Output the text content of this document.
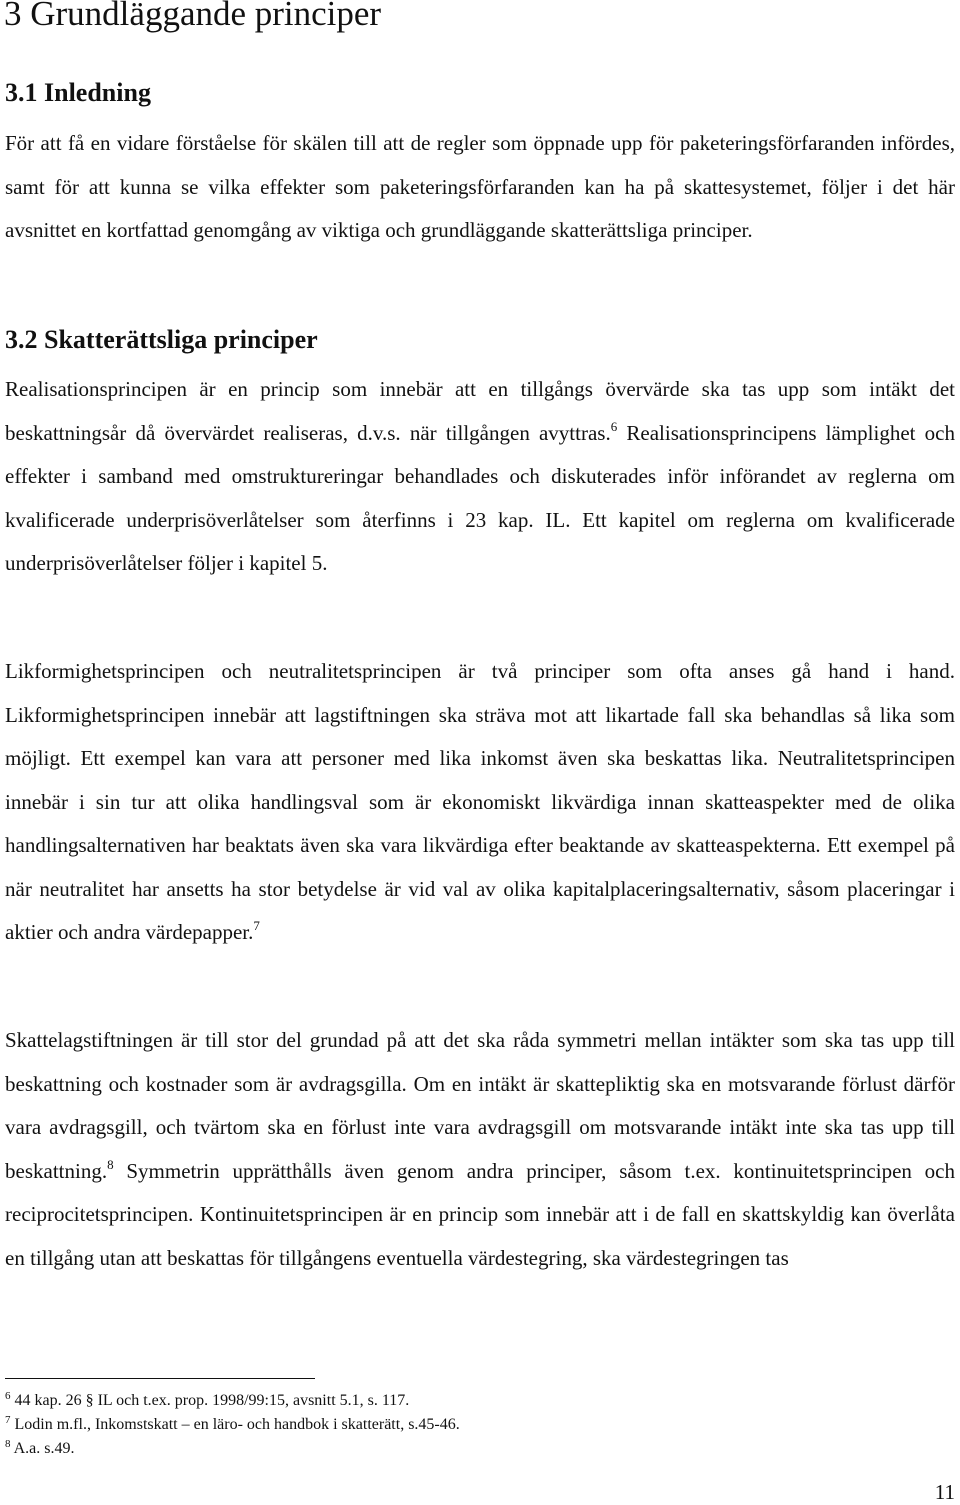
3 Grundläggande principer
3.1 Inledning

För att få en vidare förståelse för skälen till att de regler som öppnade upp för paketeringsförfaranden infördes, samt för att kunna se vilka effekter som paketeringsförfaranden kan ha på skattesystemet, följer i det här avsnittet en kortfattad genomgång av viktiga och grundläggande skatterättsliga principer.

3.2 Skatterättsliga principer

Realisationsprincipen är en princip som innebär att en tillgångs övervärde ska tas upp som intäkt det beskattningsår då övervärdet realiseras, d.v.s. när tillgången avyttras.$^6$ Realisationsprincipens lämplighet och effekter i samband med omstruktureringar behandlades och diskuterades inför införandet av reglerna om kvalificerade underprisöverlåtelser som återfinns i 23 kap. IL. Ett kapitel om reglerna om kvalificerade underprisöverlåtelser följer i kapitel 5.

Likformighetsprincipen och neutralitetsprincipen är två principer som ofta anses gå hand i hand. Likformighetsprincipen innebär att lagstiftningen ska sträva mot att likartade fall ska behandlas så lika som möjligt. Ett exempel kan vara att personer med lika inkomst även ska beskattas lika. Neutralitetsprincipen innebär i sin tur att olika handlingsval som är ekonomiskt likvärdiga innan skatteaspekter med de olika handlingsalternativen har beaktats även ska vara likvärdiga efter beaktande av skatteaspekterna. Ett exempel på när neutralitet har ansetts ha stor betydelse är vid val av olika kapitalplaceringsalternativ, såsom placeringar i aktier och andra värdepapper.$^7$

Skattelagstiftningen är till stor del grundad på att det ska råda symmetri mellan intäkter som ska tas upp till beskattning och kostnader som är avdragsgilla. Om en intäkt är skattepliktig ska en motsvarande förlust därför vara avdragsgill, och tvärtom ska en förlust inte vara avdragsgill om motsvarande intäkt inte ska tas upp till beskattning.$^8$ Symmetrin upprätthålls även genom andra principer, såsom t.ex. kontinuitetsprincipen och reciprocitetsprincipen. Kontinuitetsprincipen är en princip som innebär att i de fall en skattskyldig kan överlåta en tillgång utan att beskattas för tillgångens eventuella värdestegring, ska värdestegringen tas

$^6$ 44 kap. 26 § IL och t.ex. prop. 1998/99:15, avsnitt 5.1, s. 117.

$^7$ Lodin m.fl., Inkomstskatt – en läro- och handbok i skatterätt, s.45-46.

$^8$ A.a. s.49.

11
